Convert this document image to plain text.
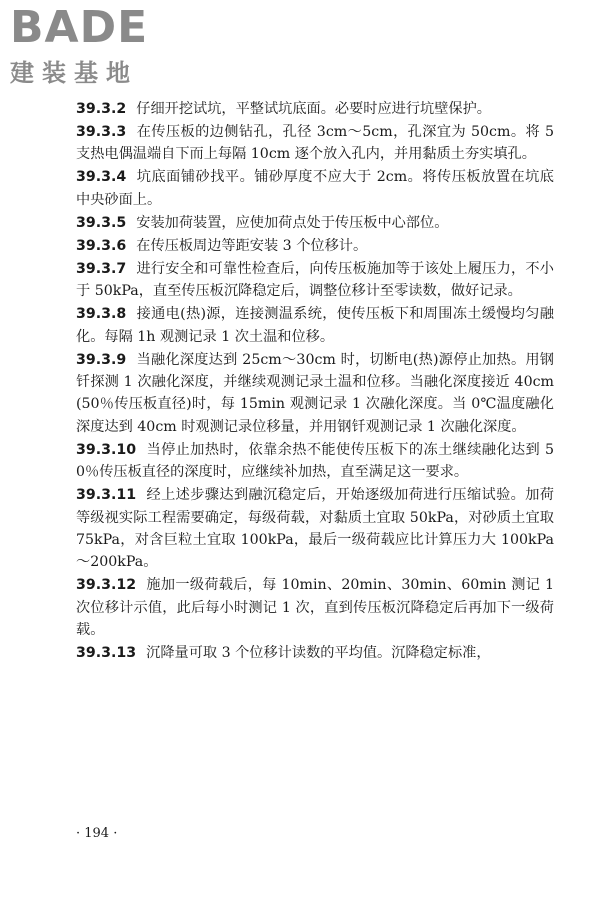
BADE
建装基地

39.3.2 仔细开挖试坑，平整试坑底面。必要时应进行坑壁保护。

39.3.3 在传压板的边侧钻孔，孔径 3cm～5cm，孔深宜为 50cm。将 5 支热电偶温端自下而上每隔 10cm 逐个放入孔内，并用黏质土夯实填孔。

39.3.4 坑底面铺砂找平。铺砂厚度不应大于 2cm。将传压板放置在坑底中央砂面上。

39.3.5 安装加荷装置，应使加荷点处于传压板中心部位。

39.3.6 在传压板周边等距安装 3 个位移计。

39.3.7 进行安全和可靠性检查后，向传压板施加等于该处上履压力，不小于 50kPa，直至传压板沉降稳定后，调整位移计至零读数，做好记录。

39.3.8 接通电(热)源，连接测温系统，使传压板下和周围冻土缓慢均匀融化。每隔 1h 观测记录 1 次土温和位移。

39.3.9 当融化深度达到 25cm～30cm 时，切断电(热)源停止加热。用钢钎探测 1 次融化深度，并继续观测记录土温和位移。当融化深度接近 40cm(50％传压板直径)时，每 15min 观测记录 1 次融化深度。当 0℃温度融化深度达到 40cm 时观测记录位移量，并用钢钎观测记录 1 次融化深度。

39.3.10 当停止加热时，依靠余热不能使传压板下的冻土继续融化达到 50％传压板直径的深度时，应继续补加热，直至满足这一要求。

39.3.11 经上述步骤达到融沉稳定后，开始逐级加荷进行压缩试验。加荷等级视实际工程需要确定，每级荷载，对黏质土宜取 50kPa，对砂质土宜取 75kPa，对含巨粒土宜取 100kPa，最后一级荷载应比计算压力大 100kPa～200kPa。

39.3.12 施加一级荷载后，每 10min、20min、30min、60min 测记 1 次位移计示值，此后每小时测记 1 次，直到传压板沉降稳定后再加下一级荷载。

39.3.13 沉降量可取 3 个位移计读数的平均值。沉降稳定标准，

· 194 ·
